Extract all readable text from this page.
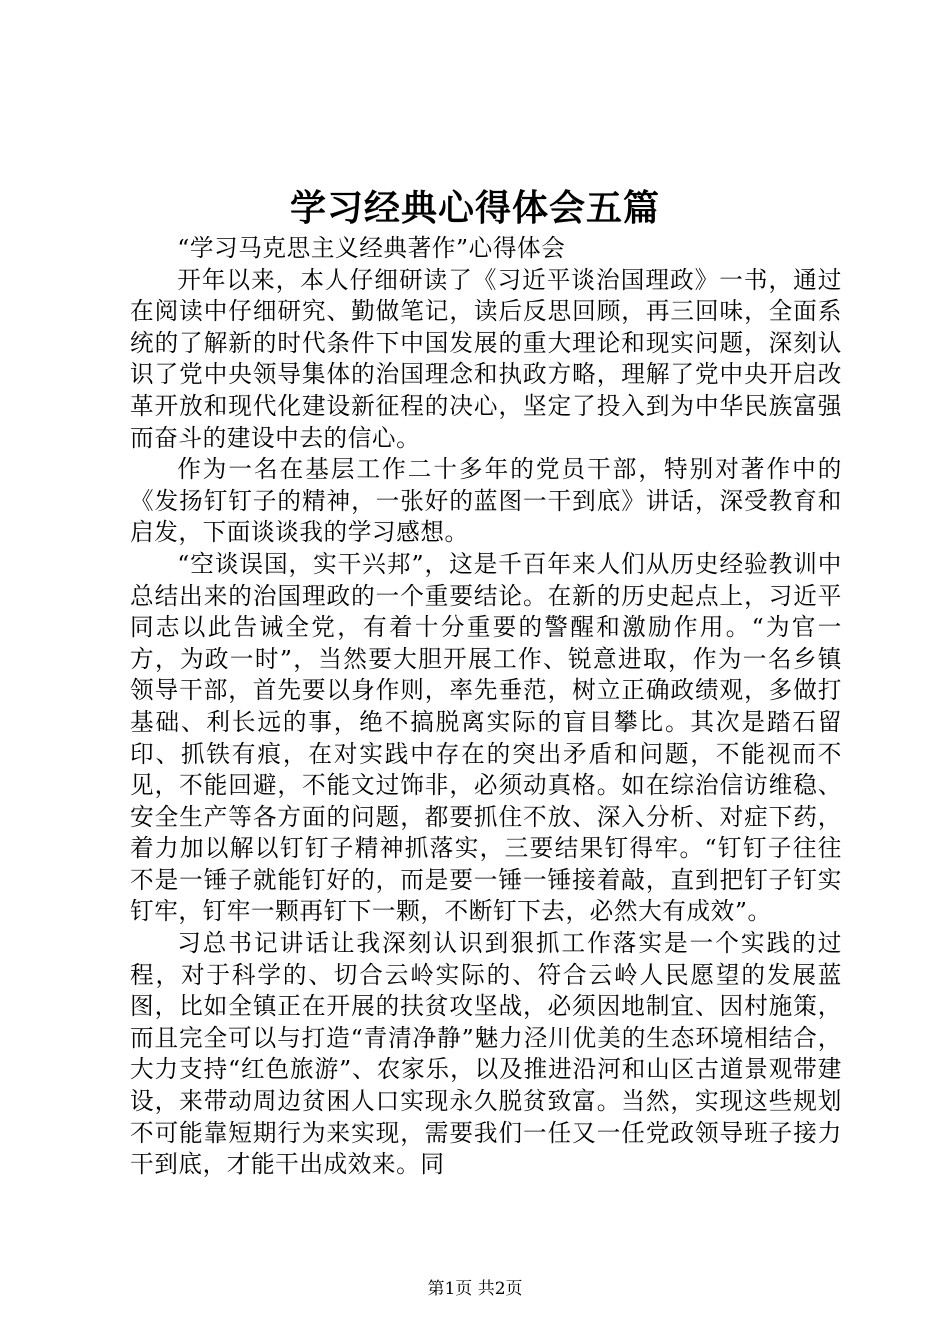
学习经典心得体会五篇

“学习马克思主义经典著作”心得体会

开年以来，本人仔细研读了《习近平谈治国理政》一书，通过在阅读中仔细研究、勤做笔记，读后反思回顾，再三回味，全面系统的了解新的时代条件下中国发展的重大理论和现实问题，深刻认识了党中央领导集体的治国理念和执政方略，理解了党中央开启改革开放和现代化建设新征程的决心，坚定了投入到为中华民族富强而奋斗的建设中去的信心。

作为一名在基层工作二十多年的党员干部，特别对著作中的《发扬钉钉子的精神，一张好的蓝图一干到底》讲话，深受教育和启发，下面谈谈我的学习感想。

“空谈误国，实干兴邦”，这是千百年来人们从历史经验教训中总结出来的治国理政的一个重要结论。在新的历史起点上，习近平同志以此告诫全党，有着十分重要的警醒和激励作用。“为官一方，为政一时”，当然要大胆开展工作、锐意进取，作为一名乡镇领导干部，首先要以身作则，率先垂范，树立正确政绩观，多做打基础、利长远的事，绝不搞脱离实际的盲目攀比。其次是踏石留印、抓铁有痕，在对实践中存在的突出矛盾和问题，不能视而不见，不能回避，不能文过饰非，必须动真格。如在综治信访维稳、安全生产等各方面的问题，都要抓住不放、深入分析、对症下药，着力加以解以钉钉子精神抓落实，三要结果钉得牢。“钉钉子往往不是一锤子就能钉好的，而是要一锤一锤接着敲，直到把钉子钉实钉牢，钉牢一颗再钉下一颗，不断钉下去，必然大有成效”。

习总书记讲话让我深刻认识到狠抓工作落实是一个实践的过程，对于科学的、切合云岭实际的、符合云岭人民愿望的发展蓝图，比如全镇正在开展的扶贫攻坚战，必须因地制宜、因村施策，而且完全可以与打造“青清净静”魅力泾川优美的生态环境相结合，大力支持“红色旅游”、农家乐，以及推进沿河和山区古道景观带建设，来带动周边贫困人口实现永久脱贫致富。当然，实现这些规划不可能靠短期行为来实现，需要我们一任又一任党政领导班子接力干到底，才能干出成效来。同

第1页 共2页
